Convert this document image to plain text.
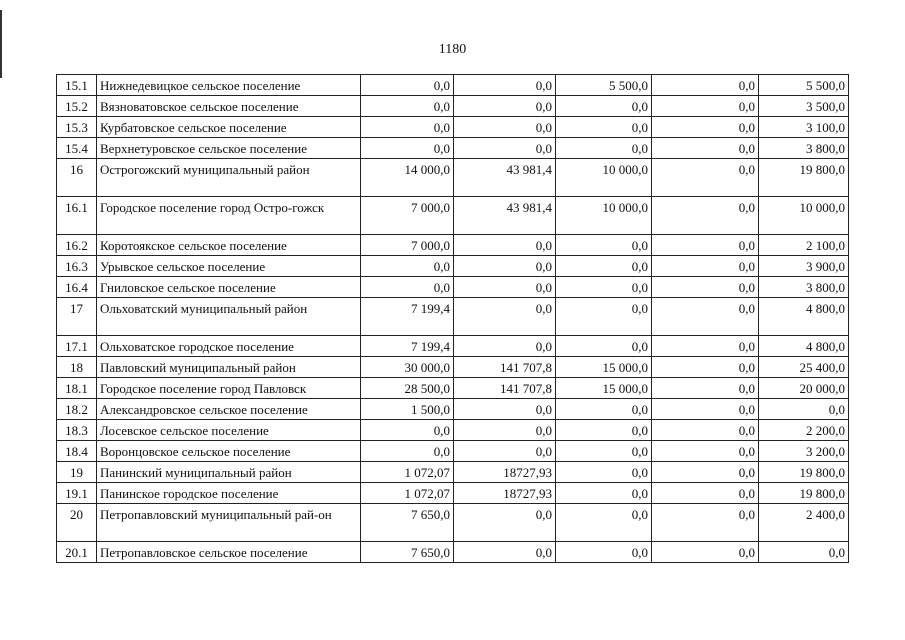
1180
15.1	Нижнедевицкое сельское поселение	0,0	0,0	5 500,0	0,0	5 500,0
15.2	Вязноватовское сельское поселение	0,0	0,0	0,0	0,0	3 500,0
15.3	Курбатовское сельское поселение	0,0	0,0	0,0	0,0	3 100,0
15.4	Верхнетуровское сельское поселение	0,0	0,0	0,0	0,0	3 800,0
16	Острогожский муниципальный район	14 000,0	43 981,4	10 000,0	0,0	19 800,0
16.1	Городское поселение город Остро-гожск	7 000,0	43 981,4	10 000,0	0,0	10 000,0
16.2	Коротоякское сельское поселение	7 000,0	0,0	0,0	0,0	2 100,0
16.3	Урывское сельское поселение	0,0	0,0	0,0	0,0	3 900,0
16.4	Гниловское сельское поселение	0,0	0,0	0,0	0,0	3 800,0
17	Ольховатский муниципальный район	7 199,4	0,0	0,0	0,0	4 800,0
17.1	Ольховатское городское поселение	7 199,4	0,0	0,0	0,0	4 800,0
18	Павловский муниципальный район	30 000,0	141 707,8	15 000,0	0,0	25 400,0
18.1	Городское поселение город Павловск	28 500,0	141 707,8	15 000,0	0,0	20 000,0
18.2	Александровское сельское поселение	1 500,0	0,0	0,0	0,0	0,0
18.3	Лосевское сельское поселение	0,0	0,0	0,0	0,0	2 200,0
18.4	Воронцовское сельское поселение	0,0	0,0	0,0	0,0	3 200,0
19	Панинский муниципальный район	1 072,07	18727,93	0,0	0,0	19 800,0
19.1	Панинское городское поселение	1 072,07	18727,93	0,0	0,0	19 800,0
20	Петропавловский муниципальный рай-он	7 650,0	0,0	0,0	0,0	2 400,0
20.1	Петропавловское сельское поселение	7 650,0	0,0	0,0	0,0	0,0
